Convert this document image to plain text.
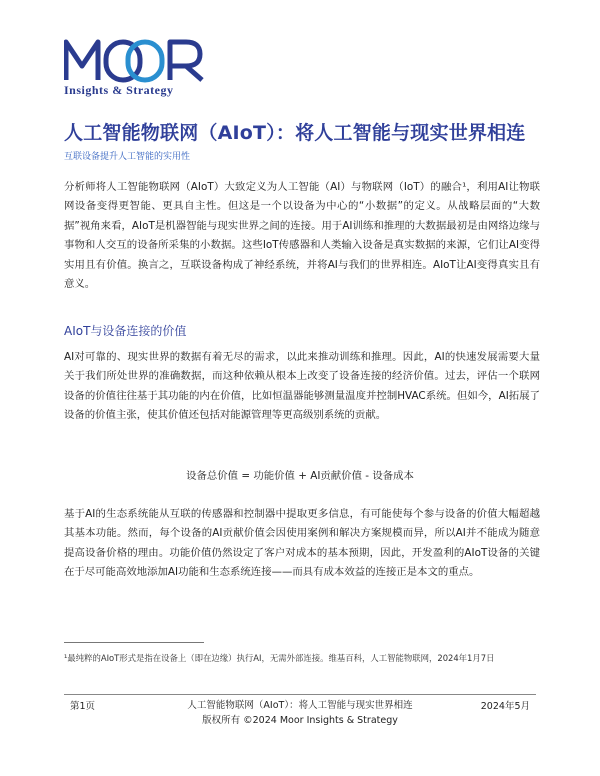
Insights & Strategy
人工智能物联网（AIoT）：将人工智能与现实世界相连
互联设备提升人工智能的实用性
分析师将人工智能物联网（AIoT）大致定义为人工智能（AI）与物联网（IoT）的融合¹，利用AI让物联网设备变得更智能、更具自主性。但这是一个以设备为中心的“小数据”的定义。从战略层面的“大数据”视角来看，AIoT是机器智能与现实世界之间的连接。用于AI训练和推理的大数据最初是由网络边缘与事物和人交互的设备所采集的小数据。这些IoT传感器和人类输入设备是真实数据的来源，它们让AI变得实用且有价值。换言之，互联设备构成了神经系统，并将AI与我们的世界相连。AIoT让AI变得真实且有意义。
AIoT与设备连接的价值
AI对可靠的、现实世界的数据有着无尽的需求，以此来推动训练和推理。因此，AI的快速发展需要大量关于我们所处世界的准确数据，而这种依赖从根本上改变了设备连接的经济价值。过去，评估一个联网设备的价值往往基于其功能的内在价值，比如恒温器能够测量温度并控制HVAC系统。但如今，AI拓展了设备的价值主张，使其价值还包括对能源管理等更高级别系统的贡献。
设备总价值 = 功能价值 + AI贡献价值 - 设备成本
基于AI的生态系统能从互联的传感器和控制器中提取更多信息，有可能使每个参与设备的价值大幅超越其基本功能。然而，每个设备的AI贡献价值会因使用案例和解决方案规模而异，所以AI并不能成为随意提高设备价格的理由。功能价值仍然设定了客户对成本的基本预期，因此，开发盈利的AIoT设备的关键在于尽可能高效地添加AI功能和生态系统连接——而具有成本效益的连接正是本文的重点。
¹最纯粹的AIoT形式是指在设备上（即在边缘）执行AI，无需外部连接。维基百科，人工智能物联网，2024年1月7日
第1页	人工智能物联网（AIoT）：将人工智能与现实世界相连
版权所有 ©2024 Moor Insights & Strategy
2024年5月
